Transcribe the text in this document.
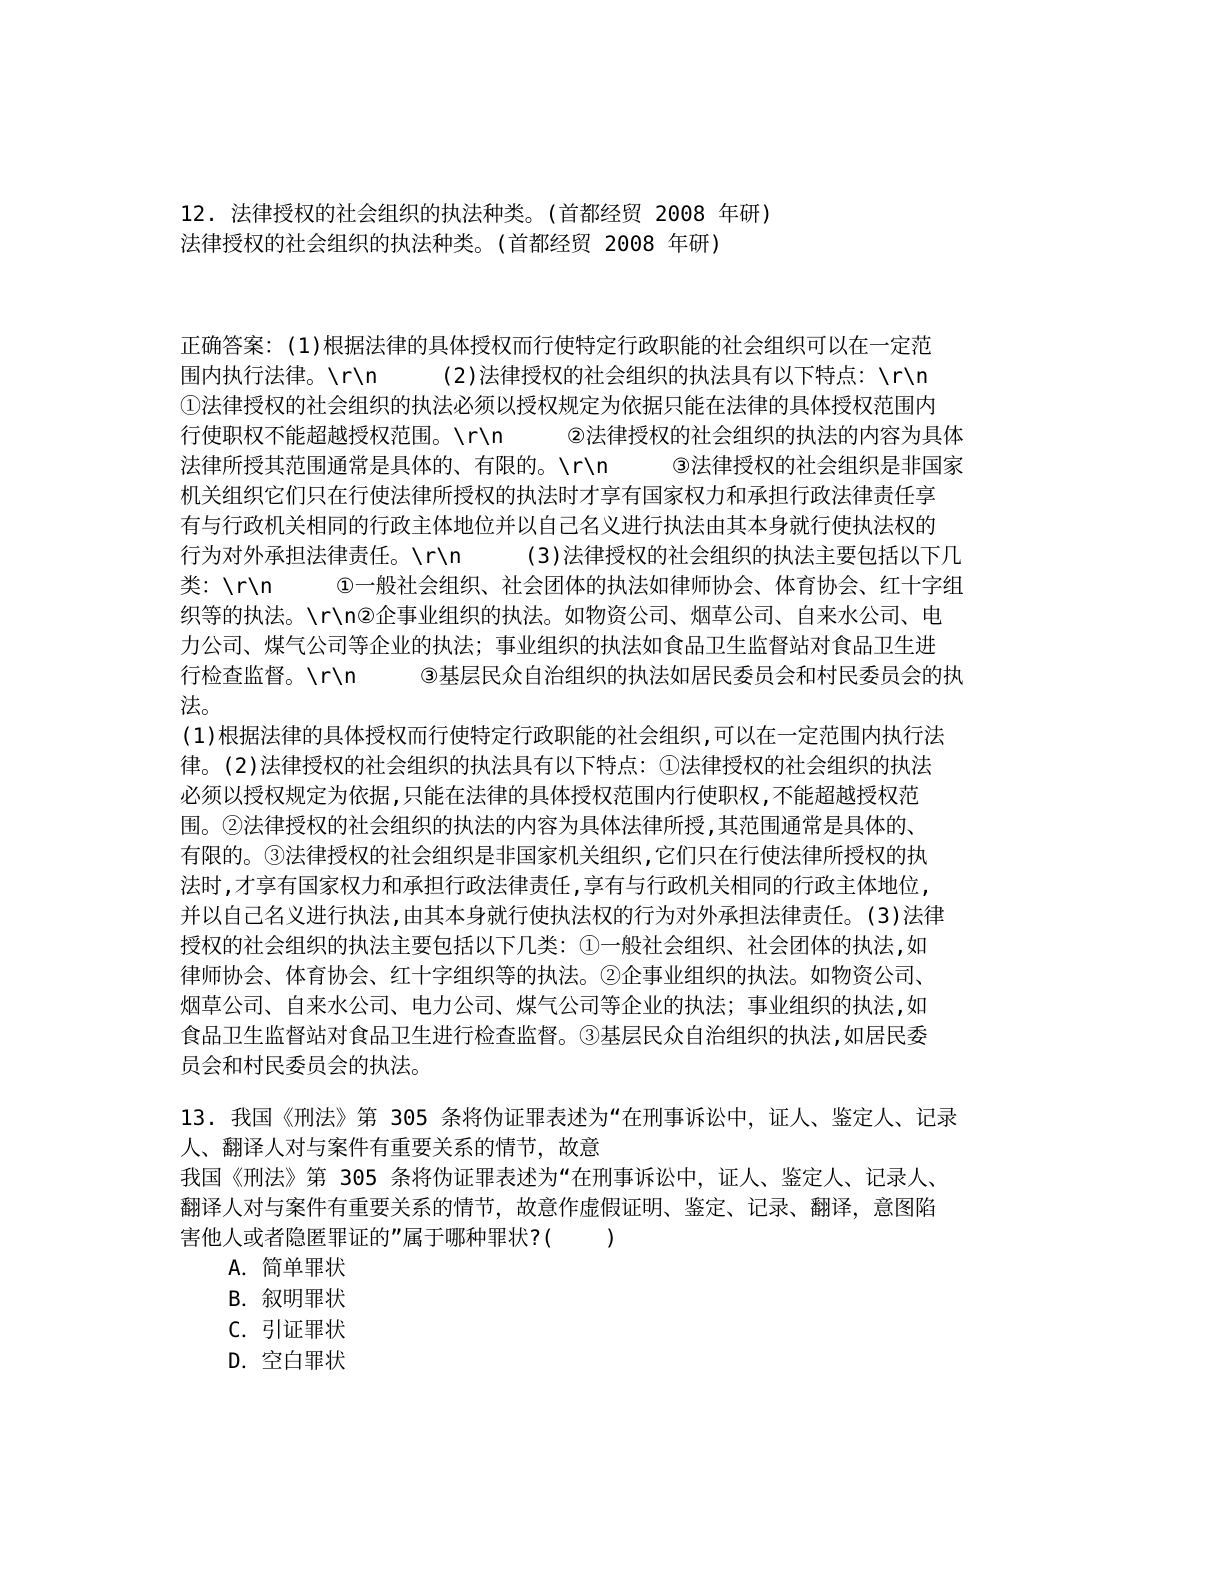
12. 法律授权的社会组织的执法种类。(首都经贸 2008 年研)

法律授权的社会组织的执法种类。(首都经贸 2008 年研)

正确答案：(1)根据法律的具体授权而行使特定行政职能的社会组织可以在一定范

围内执行法律。\r\n     (2)法律授权的社会组织的执法具有以下特点：\r\n

①法律授权的社会组织的执法必须以授权规定为依据只能在法律的具体授权范围内

行使职权不能超越授权范围。\r\n     ②法律授权的社会组织的执法的内容为具体

法律所授其范围通常是具体的、有限的。\r\n     ③法律授权的社会组织是非国家

机关组织它们只在行使法律所授权的执法时才享有国家权力和承担行政法律责任享

有与行政机关相同的行政主体地位并以自己名义进行执法由其本身就行使执法权的

行为对外承担法律责任。\r\n     (3)法律授权的社会组织的执法主要包括以下几

类：\r\n     ①一般社会组织、社会团体的执法如律师协会、体育协会、红十字组

织等的执法。\r\n②企事业组织的执法。如物资公司、烟草公司、自来水公司、电

力公司、煤气公司等企业的执法；事业组织的执法如食品卫生监督站对食品卫生进

行检查监督。\r\n     ③基层民众自治组织的执法如居民委员会和村民委员会的执

法。

(1)根据法律的具体授权而行使特定行政职能的社会组织,可以在一定范围内执行法

律。(2)法律授权的社会组织的执法具有以下特点：①法律授权的社会组织的执法

必须以授权规定为依据,只能在法律的具体授权范围内行使职权,不能超越授权范

围。②法律授权的社会组织的执法的内容为具体法律所授,其范围通常是具体的、

有限的。③法律授权的社会组织是非国家机关组织,它们只在行使法律所授权的执

法时,才享有国家权力和承担行政法律责任,享有与行政机关相同的行政主体地位,

并以自己名义进行执法,由其本身就行使执法权的行为对外承担法律责任。(3)法律

授权的社会组织的执法主要包括以下几类：①一般社会组织、社会团体的执法,如

律师协会、体育协会、红十字组织等的执法。②企事业组织的执法。如物资公司、

烟草公司、自来水公司、电力公司、煤气公司等企业的执法；事业组织的执法,如

食品卫生监督站对食品卫生进行检查监督。③基层民众自治组织的执法,如居民委

员会和村民委员会的执法。

13. 我国《刑法》第 305 条将伪证罪表述为“在刑事诉讼中，证人、鉴定人、记录

人、翻译人对与案件有重要关系的情节，故意

我国《刑法》第 305 条将伪证罪表述为“在刑事诉讼中，证人、鉴定人、记录人、

翻译人对与案件有重要关系的情节，故意作虚假证明、鉴定、记录、翻译，意图陷

害他人或者隐匿罪证的”属于哪种罪状?(    )

A．简单罪状

B．叙明罪状

C．引证罪状

D．空白罪状
